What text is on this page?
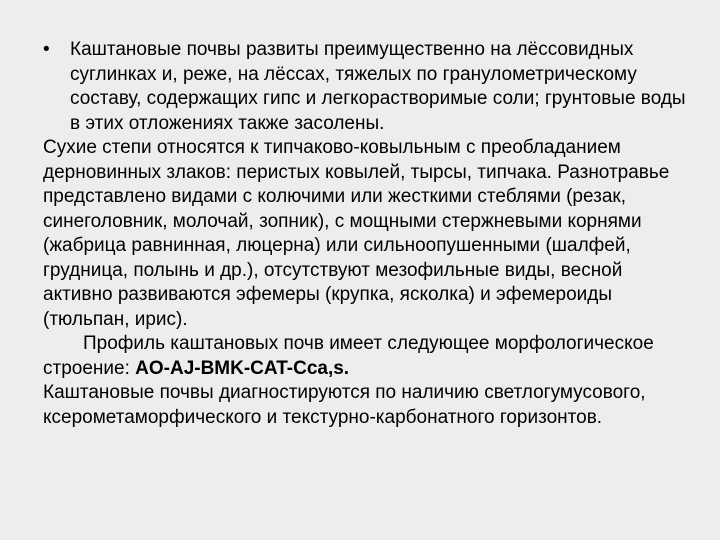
•	Каштановые почвы развиты преимущественно на лёссовидных суглинках и, реже, на лёссах, тяжелых по гранулометрическому составу, содержащих гипс и легкорастворимые соли; грунтовые воды в этих отложениях также засолены.

Сухие степи относятся к типчаково-ковыльным с преобладанием дерновинных злаков: перистых ковылей, тырсы, типчака. Разнотравье представлено видами с колючими или жесткими стеблями (резак, синеголовник, молочай, зопник), с мощными стержневыми корнями (жабрица равнинная, люцерна) или сильноопушенными (шалфей, грудница, полынь и др.), отсутствуют мезофильные виды, весной активно развиваются эфемеры (крупка, ясколка) и эфемероиды (тюльпан, ирис).

Профиль каштановых почв имеет следующее морфологическое строение: AO-AJ-BMK-CAT-Cca,s.

Каштановые почвы диагностируются по наличию светлогумусового, ксерометаморфического и текстурно-карбонатного горизонтов.
